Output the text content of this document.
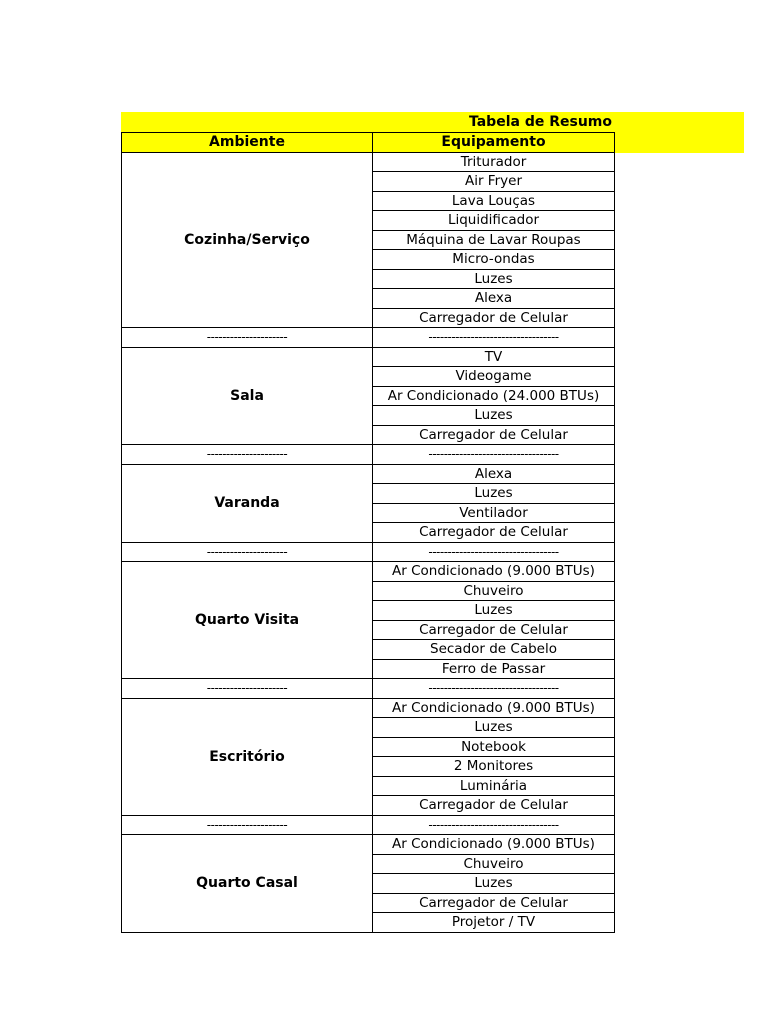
Tabela de Resumo
Ambiente	Equipamento
Cozinha/Serviço	Triturador
	Air Fryer
	Lava Louças
	Liquidificador
	Máquina de Lavar Roupas
	Micro-ondas
	Luzes
	Alexa
	Carregador de Celular
---------------------	----------------------------------
Sala	TV
	Videogame
	Ar Condicionado (24.000 BTUs)
	Luzes
	Carregador de Celular
---------------------	----------------------------------
Varanda	Alexa
	Luzes
	Ventilador
	Carregador de Celular
---------------------	----------------------------------
Quarto Visita	Ar Condicionado (9.000 BTUs)
	Chuveiro
	Luzes
	Carregador de Celular
	Secador de Cabelo
	Ferro de Passar
---------------------	----------------------------------
Escritório	Ar Condicionado (9.000 BTUs)
	Luzes
	Notebook
	2 Monitores
	Luminária
	Carregador de Celular
---------------------	----------------------------------
Quarto Casal	Ar Condicionado (9.000 BTUs)
	Chuveiro
	Luzes
	Carregador de Celular
	Projetor / TV
